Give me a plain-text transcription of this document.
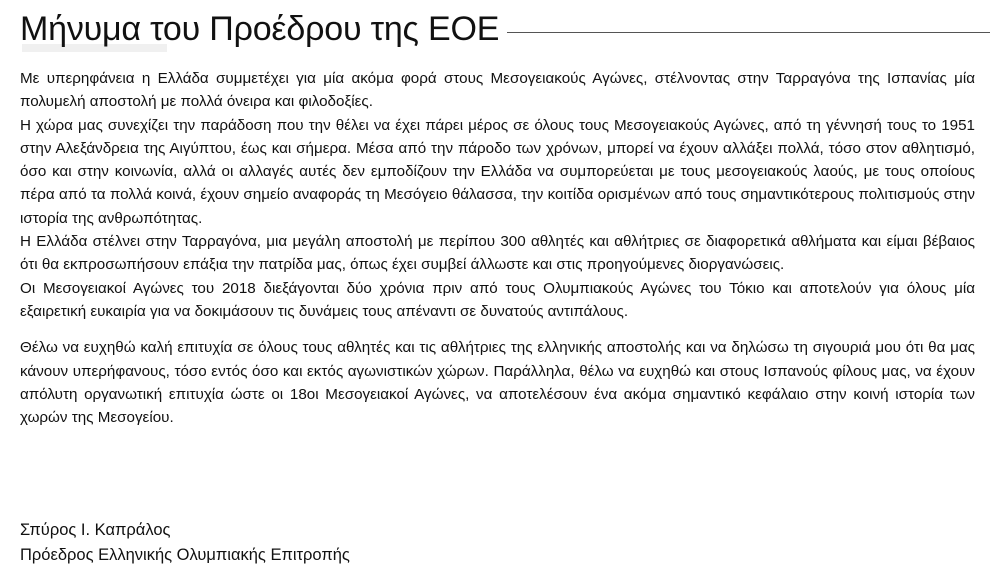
Μήνυμα του Προέδρου της ΕΟΕ

Με υπερηφάνεια η Ελλάδα συμμετέχει για μία ακόμα φορά στους Μεσογειακούς Αγώνες, στέλνοντας στην Ταρραγόνα της Ισπανίας μία πολυμελή αποστολή με πολλά όνειρα και φιλοδοξίες.

Η χώρα μας συνεχίζει την παράδοση που την θέλει να έχει πάρει μέρος σε όλους τους Μεσογειακούς Αγώνες, από τη γέννησή τους το 1951 στην Αλεξάνδρεια της Αιγύπτου, έως και σήμερα. Μέσα από την πάροδο των χρόνων, μπορεί να έχουν αλλάξει πολλά, τόσο στον αθλητισμό, όσο και στην κοινωνία, αλλά οι αλλαγές αυτές δεν εμποδίζουν την Ελλάδα να συμπορεύεται με τους μεσογειακούς λαούς, με τους οποίους πέρα από τα πολλά κοινά, έχουν σημείο αναφοράς τη Μεσόγειο θάλασσα, την κοιτίδα ορισμένων από τους σημαντικότερους πολιτισμούς στην ιστορία της ανθρωπότητας.

Η Ελλάδα στέλνει στην Ταρραγόνα, μια μεγάλη αποστολή με περίπου 300 αθλητές και αθλήτριες σε διαφορετικά αθλήματα και είμαι βέβαιος ότι θα εκπροσωπήσουν επάξια την πατρίδα μας, όπως έχει συμβεί άλλωστε και στις προηγούμενες διοργανώσεις.

Οι Μεσογειακοί Αγώνες του 2018 διεξάγονται δύο χρόνια πριν από τους Ολυμπιακούς Αγώνες του Τόκιο και αποτελούν για όλους μία εξαιρετική ευκαιρία για να δοκιμάσουν τις δυνάμεις τους απέναντι σε δυνατούς αντιπάλους.

Θέλω να ευχηθώ καλή επιτυχία σε όλους τους αθλητές και τις αθλήτριες της ελληνικής αποστολής και να δηλώσω τη σιγουριά μου ότι θα μας κάνουν υπερήφανους, τόσο εντός όσο και εκτός αγωνιστικών χώρων. Παράλληλα, θέλω να ευχηθώ και στους Ισπανούς φίλους μας, να έχουν απόλυτη οργανωτική επιτυχία ώστε οι 18οι Μεσογειακοί Αγώνες, να αποτελέσουν ένα ακόμα σημαντικό κεφάλαιο στην κοινή ιστορία των χωρών της Μεσογείου.

Σπύρος Ι. Καπράλος
Πρόεδρος Ελληνικής Ολυμπιακής Επιτροπής
